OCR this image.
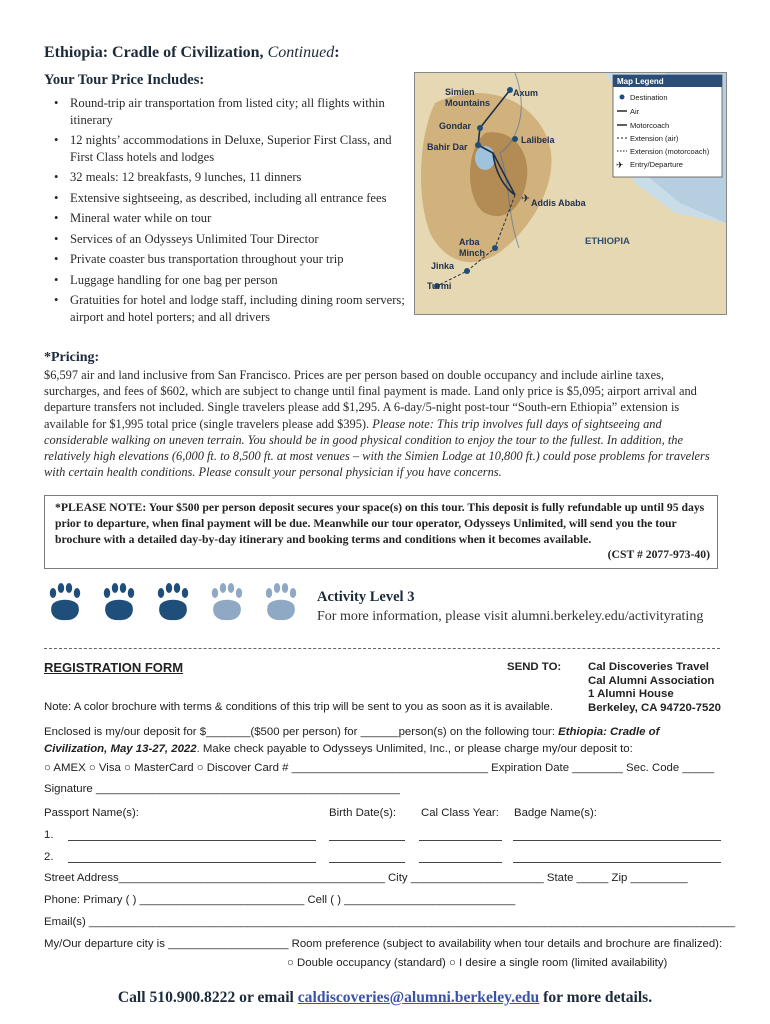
Ethiopia: Cradle of Civilization, Continued:
Your Tour Price Includes:
• Round-trip air transportation from listed city; all flights within itinerary
• 12 nights’ accommodations in Deluxe, Superior First Class, and First Class hotels and lodges
• 32 meals: 12 breakfasts, 9 lunches, 11 dinners
• Extensive sightseeing, as described, including all entrance fees
• Mineral water while on tour
• Services of an Odysseys Unlimited Tour Director
• Private coaster bus transportation throughout your trip
• Luggage handling for one bag per person
• Gratuities for hotel and lodge staff, including dining room servers; airport and hotel porters; and all drivers
✈
Simien
Mountains
Axum
Gondar
Lalibela
Bahir Dar
Addis Ababa
Arba
Minch
Jinka
Turmi
ETHIOPIA
Map Legend
Destination
Air
Motorcoach
Extension (air)
Extension (motorcoach)
✈ Entry/Departure
*Pricing:
$6,597 air and land inclusive from San Francisco. Prices are per person based on double occupancy and include airline taxes, surcharges, and fees of $602, which are subject to change until final payment is made. Land only price is $5,095; airport arrival and departure transfers not included. Single travelers please add $1,295. A 6-day/5-night post-tour “South-ern Ethiopia” extension is available for $1,995 total price (single travelers please add $395). Please note: This trip involves full days of sightseeing and considerable walking on uneven terrain. You should be in good physical condition to enjoy the tour to the fullest. In addition, the relatively high elevations (6,000 ft. to 8,500 ft. at most venues – with the Simien Lodge at 10,800 ft.) could pose problems for travelers with certain health conditions. Please consult your personal physician if you have concerns.
*PLEASE NOTE: Your $500 per person deposit secures your space(s) on this tour. This deposit is fully refundable up until 95 days prior to departure, when final payment will be due. Meanwhile our tour operator, Odysseys Unlimited, will send you the tour brochure with a detailed day-by-day itinerary and booking terms and conditions when it becomes available.
(CST # 2077-973-40)
Activity Level 3
For more information, please visit alumni.berkeley.edu/activityrating
REGISTRATION FORM	SEND TO: Cal Discoveries Travel
Cal Alumni Association
1 Alumni House
Berkeley, CA 94720-7520
Note: A color brochure with terms & conditions of this trip will be sent to you as soon as it is available.
Enclosed is my/our deposit for $_______($500 per person) for ______person(s) on the following tour: Ethiopia: Cradle of Civilization, May 13-27, 2022. Make check payable to Odysseys Unlimited, Inc., or please charge my/our deposit to:
○ AMEX ○ Visa ○ MasterCard ○ Discover Card # _______________________________ Expiration Date ________ Sec. Code _____
Signature ________________________________________________
Passport Name(s):	Birth Date(s): Cal Class Year: Badge Name(s):
1.
2.
Street Address__________________________________________ City _____________________ State _____ Zip _________
Phone: Primary ( ) __________________________ Cell ( ) ___________________________
Email(s) ______________________________________________________________________________________________________
My/Our departure city is ___________________ Room preference (subject to availability when tour details and brochure are finalized):
○ Double occupancy (standard) ○ I desire a single room (limited availability)
Call 510.900.8222 or email caldiscoveries@alumni.berkeley.edu for more details.
